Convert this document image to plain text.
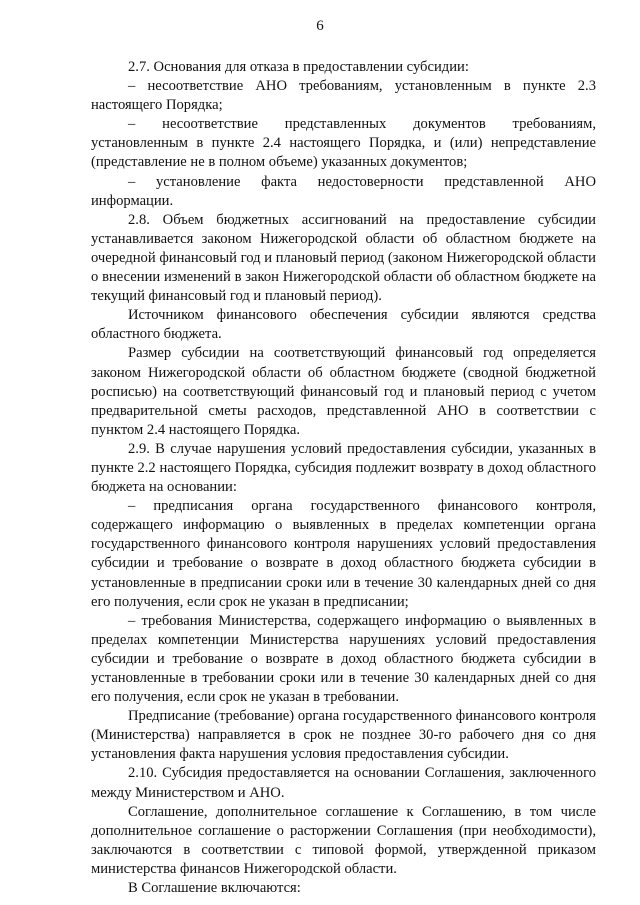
6

2.7. Основания для отказа в предоставлении субсидии:

– несоответствие АНО требованиям, установленным в пункте 2.3 настоящего Порядка;

– несоответствие представленных документов требованиям, установленным в пункте 2.4 настоящего Порядка, и (или) непредставление (представление не в полном объеме) указанных документов;

– установление факта недостоверности представленной АНО информации.

2.8. Объем бюджетных ассигнований на предоставление субсидии устанавливается законом Нижегородской области об областном бюджете на очередной финансовый год и плановый период (законом Нижегородской области о внесении изменений в закон Нижегородской области об областном бюджете на текущий финансовый год и плановый период).

Источником финансового обеспечения субсидии являются средства областного бюджета.

Размер субсидии на соответствующий финансовый год определяется законом Нижегородской области об областном бюджете (сводной бюджетной росписью) на соответствующий финансовый год и плановый период с учетом предварительной сметы расходов, представленной АНО в соответствии с пунктом 2.4 настоящего Порядка.

2.9. В случае нарушения условий предоставления субсидии, указанных в пункте 2.2 настоящего Порядка, субсидия подлежит возврату в доход областного бюджета на основании:

– предписания органа государственного финансового контроля, содержащего информацию о выявленных в пределах компетенции органа государственного финансового контроля нарушениях условий предоставления субсидии и требование о возврате в доход областного бюджета субсидии в установленные в предписании сроки или в течение 30 календарных дней со дня его получения, если срок не указан в предписании;

– требования Министерства, содержащего информацию о выявленных в пределах компетенции Министерства нарушениях условий предоставления субсидии и требование о возврате в доход областного бюджета субсидии в установленные в требовании сроки или в течение 30 календарных дней со дня его получения, если срок не указан в требовании.

Предписание (требование) органа государственного финансового контроля (Министерства) направляется в срок не позднее 30-го рабочего дня со дня установления факта нарушения условия предоставления субсидии.

2.10. Субсидия предоставляется на основании Соглашения, заключенного между Министерством и АНО.

Соглашение, дополнительное соглашение к Соглашению, в том числе дополнительное соглашение о расторжении Соглашения (при необходимости), заключаются в соответствии с типовой формой, утвержденной приказом министерства финансов Нижегородской области.

В Соглашение включаются:
